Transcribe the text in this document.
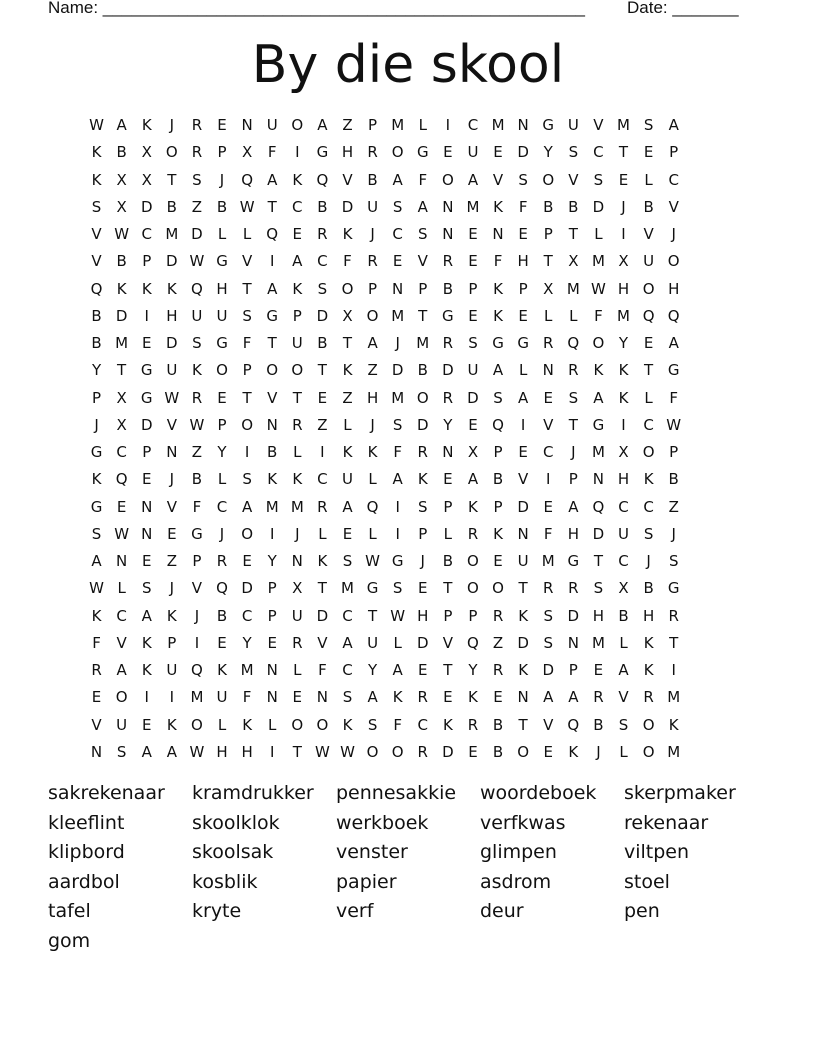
Name: ___________________________________________________ Date: _______
By die skool
W A	K	J	R	E N U O A Z	P M L	I	C M N G U V M S	A
K	B X O R	P	X	F	I	G H R O G E U E D Y	S	C	T	E	P
K	X X	T	S	J	Q A	K Q V B A	F O A V	S O V	S	E	L	C
S	X D B Z B W T	C B D U S	A N M K	F	B B D	J	B V
V W C M D	L	L	Q E	R K	J	C	S N E N E	P	T	L	I	V	J
V B	P D W G V	I	A C	F	R	E	V R	E	F	H T	X M X U O
Q K	K	K Q H T	A	K	S O P N P	B	P	K	P	X M W H O H
B D	I	H U U S G P D X O M T G E	K	E	L	L	F M Q Q
B M E D S G F	T	U B	T	A	J	M R	S G G R Q O Y	E	A
Y	T G U K O P O O T	K	Z D B D U A	L	N R K	K	T G
P	X G W R	E	T	V	T	E	Z H M O R D S	A	E	S	A	K	L	F
J	X D V W P O N R Z	L	J	S D Y	E Q	I	V	T G	I	C W
G C	P N Z	Y	I	B	L	I	K	K	F	R N X	P	E	C	J	M X O P
K Q E	J	B	L	S	K	K C U	L	A	K	E	A B V	I	P N H K	B
G E N V	F	C A M M R A Q	I	S	P	K	P D E	A Q C C Z
S W N E G	J	O	I	J	L	E	L	I	P	L	R K N	F	H D U S	J
A N E	Z	P	R	E	Y N K	S W G	J	B O E U M G T	C	J	S
W L	S	J	V Q D P	X	T M G S	E	T O O T	R R	S	X B G
K C A	K	J	B C	P	U D C	T W H P	P	R K	S D H B H R
F	V	K	P	I	E	Y	E	R V A U	L	D V Q Z D S N M L	K	T
R A	K U Q K M N	L	F	C	Y	A	E	T	Y	R K D P	E	A	K	I
E O	I	I	M U	F	N E N S	A	K R	E	K	E N A A R V R M
V U E	K O	L	K	L	O O K	S	F	C K R B	T	V Q B	S O K
N S	A A W H H	I	T W W O O R D E	B O E	K	J	L	O M
sakrekenaar	kramdrukker	pennesakkie	woordeboek	skerpmaker
kleeflint	skoolklok	werkboek	verfkwas	rekenaar
klipbord	skoolsak	venster	glimpen	viltpen
aardbol	kosblik	papier	asdrom	stoel
tafel	kryte	verf	deur	pen
gom
